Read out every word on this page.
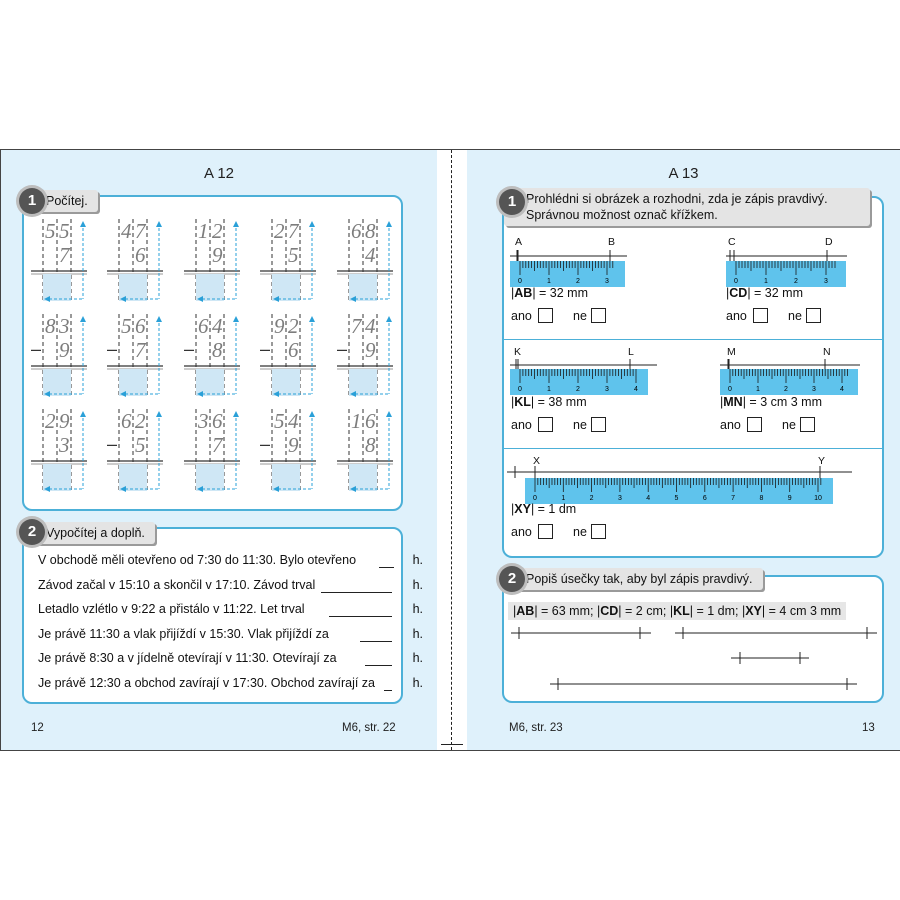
A 12
5 5
7
4 7
6
1 2
9
2 7
5
6 8
4
8 3
9
–
5 6
7
–
6 4
8
–
9 2
6
–
7 4
9
–
2 9
3
6 2
5
–
3 6
7
5 4
9
–
1 6
8
Počítej.
1
V obchodě měli otevřeno od 7:30 do 11:30. Bylo otevřeno	h.
Závod začal v 15:10 a skončil v 17:10. Závod trval	h.
Letadlo vzlétlo v 9:22 a přistálo v 11:22. Let trval	h.
Je právě 11:30 a vlak přijíždí v 15:30. Vlak přijíždí za	h.
Je právě 8:30 a v jídelně otevírají v 11:30. Otevírají za	h.
Je právě 12:30 a obchod zavírají v 17:30. Obchod zavírají za	h.
Vypočítej a doplň.
2
12	M6, str. 22
A 13
Prohlédni si obrázek a rozhodni, zda je zápis pravdivý.
Správnou možnost označ křížkem.
1
0	1	2	3	0	1	2	3
0	1	2	3	4	0	1	2	3	4
0	1	2	3	4	5	6	7	8	9	10
A	B
|AB| = 32 mm
ano	ne
C	D
|CD| = 32 mm
ano	ne
K	L
|KL| = 38 mm
ano	ne
M	N
|MN| = 3 cm 3 mm
ano	ne
X	Y
|XY| = 1 dm
ano	ne
Popiš úsečky tak, aby byl zápis pravdivý.
2
|AB| = 63 mm; |CD| = 2 cm; |KL| = 1 dm; |XY| = 4 cm 3 mm
M6, str. 23	13
